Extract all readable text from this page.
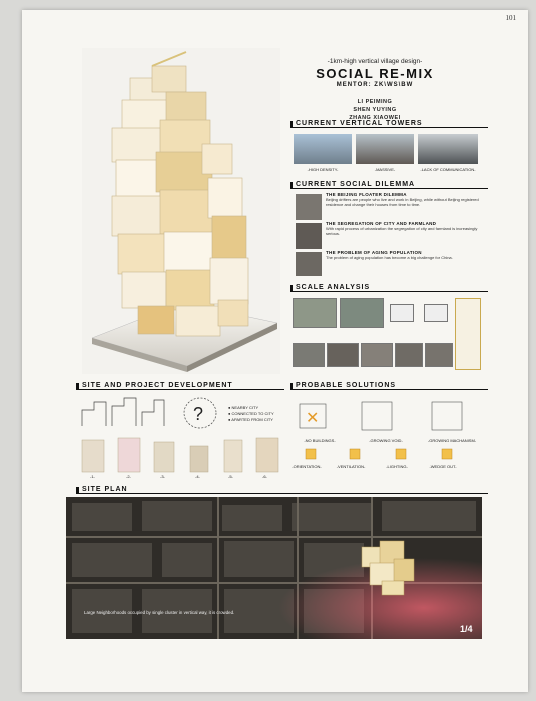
101
-1km-high vertical village design-
SOCIAL RE-MIX
MENTOR: ZK\WS\BW
LI PEIMING
SHEN YUYING
ZHANG XIAOWEI
CURRENT VERTICAL TOWERS
-HIGH DENSITY-	-MASSIVE-	-LACK OF COMMUNICATION-
CURRENT SOCIAL DILEMMA
THE BEIJING FLOATER DILEMMA
Beijing drifters are people who live and work in Beijing, while without Beijing registered residence and change their houses from time to time.
THE SEGREGATION OF CITY AND FARMLAND
With rapid process of urbanization the segregation of city and farmland is increasingly serious.
THE PROBLEM OF AGING POPULATION
The problem of aging population has become a big challenge for China.
SCALE ANALYSIS
SITE AND PROJECT DEVELOPMENT
?	● NEARBY CITY
● CONNECTED TO CITY
● APARTED FROM CITY
-1-	-2-	-3-	-4-	-5-	-6-
PROBABLE SOLUTIONS
✕
-NO BUILDINGS-	-GROWING VOID-	-GROWING MACHANISM-
-ORIENTATION-	-VENTILATION-	-LIGHTING-	-WEDGE OUT-
SITE PLAN
Large Neighborhoods occupied by single cluster in vertical way, it is crowded.
1/4
